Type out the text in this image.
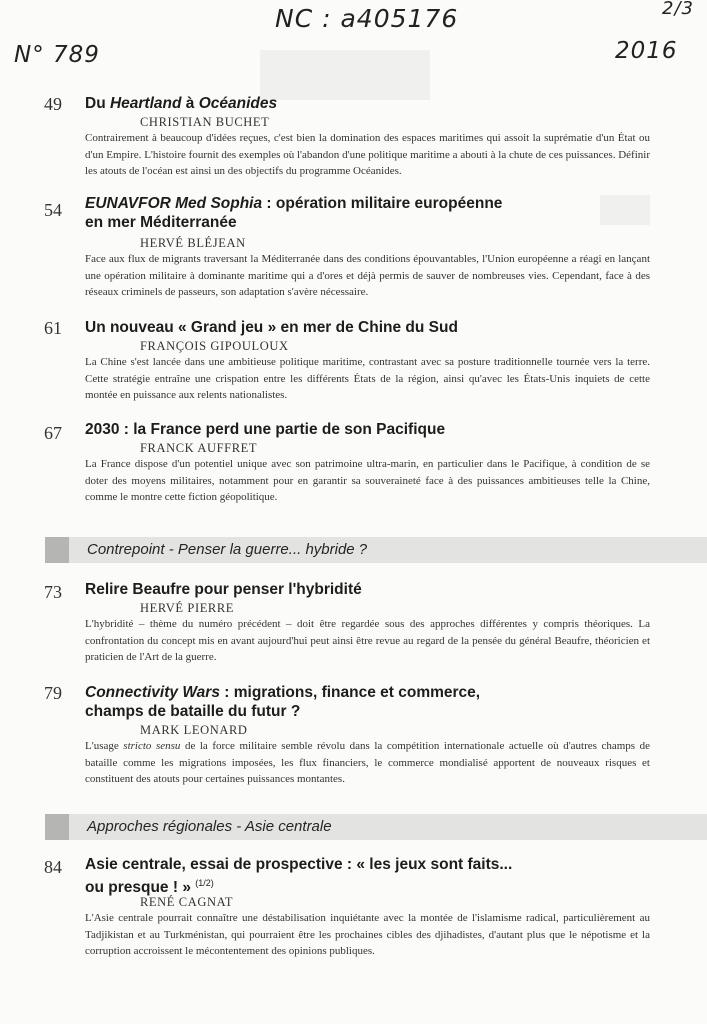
NC : a405176
N° 789	2016
2/3
49	Du Heartland à Océanides
CHRISTIAN BUCHET
Contrairement à beaucoup d'idées reçues, c'est bien la domination des espaces maritimes qui assoit la suprématie d'un État ou d'un Empire. L'histoire fournit des exemples où l'abandon d'une politique maritime a abouti à la chute de ces puissances. Définir les atouts de l'océan est ainsi un des objectifs du programme Océanides.
54	EUNAVFOR Med Sophia : opération militaire européenne
en mer Méditerranée
HERVÉ BLÉJEAN
Face aux flux de migrants traversant la Méditerranée dans des conditions épouvantables, l'Union européenne a réagi en lançant une opération militaire à dominante maritime qui a d'ores et déjà permis de sauver de nombreuses vies. Cependant, face à des réseaux criminels de passeurs, son adaptation s'avère nécessaire.
61	Un nouveau « Grand jeu » en mer de Chine du Sud
FRANÇOIS GIPOULOUX
La Chine s'est lancée dans une ambitieuse politique maritime, contrastant avec sa posture traditionnelle tournée vers la terre. Cette stratégie entraîne une crispation entre les différents États de la région, ainsi qu'avec les États-Unis inquiets de cette montée en puissance aux relents nationalistes.
67	2030 : la France perd une partie de son Pacifique
FRANCK AUFFRET
La France dispose d'un potentiel unique avec son patrimoine ultra-marin, en particulier dans le Pacifique, à condition de se doter des moyens militaires, notamment pour en garantir sa souveraineté face à des puissances ambitieuses telle la Chine, comme le montre cette fiction géopolitique.
Contrepoint - Penser la guerre... hybride ?
73	Relire Beaufre pour penser l'hybridité
HERVÉ PIERRE
L'hybridité – thème du numéro précédent – doit être regardée sous des approches différentes y compris théoriques. La confrontation du concept mis en avant aujourd'hui peut ainsi être revue au regard de la pensée du général Beaufre, théoricien et praticien de l'Art de la guerre.
79	Connectivity Wars : migrations, finance et commerce,
champs de bataille du futur ?
MARK LEONARD
L'usage stricto sensu de la force militaire semble révolu dans la compétition internationale actuelle où d'autres champs de bataille comme les migrations imposées, les flux financiers, le commerce mondialisé apportent de nouveaux risques et constituent des atouts pour certaines puissances montantes.
Approches régionales - Asie centrale
84	Asie centrale, essai de prospective : « les jeux sont faits...
ou presque ! » $^{(1/2)}$
RENÉ CAGNAT
L'Asie centrale pourrait connaître une déstabilisation inquiétante avec la montée de l'islamisme radical, particulièrement au Tadjikistan et au Turkménistan, qui pourraient être les prochaines cibles des djihadistes, d'autant plus que le népotisme et la corruption accroissent le mécontentement des opinions publiques.
